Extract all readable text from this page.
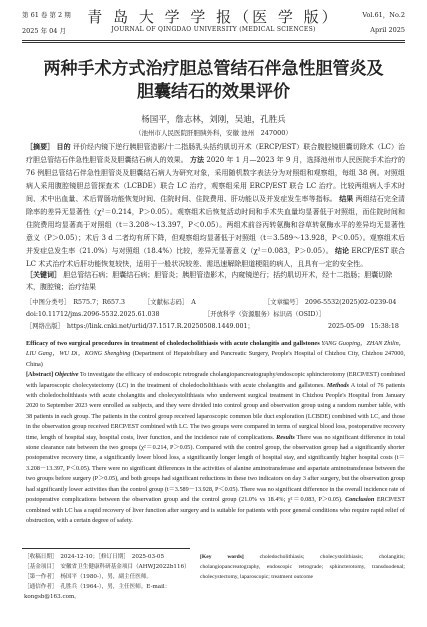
第 61 卷 第 2 期
2025 年 04 月
青 岛 大 学 学 报（医 学 版）
JOURNAL OF QINGDAO UNIVERSITY (MEDICAL SCIENCES)
Vol.61，No.2
April 2025
两种手术方式治疗胆总管结石伴急性胆管炎及
胆囊结石的效果评价
杨国平，詹志林，刘刚，吴迪，孔胜兵
（池州市人民医院肝胆胰外科，安徽 池州　247000）
［摘要］ 目的 评价经内镜下逆行胰胆管造影/十二指肠乳头括约肌切开术（ERCP/EST）联合腹腔镜胆囊切除术（LC）治疗胆总管结石伴急性胆管炎及胆囊结石病人的效果。 方法 2020 年 1 月—2023 年 9 月，选择池州市人民医院手术治疗的 76 例胆总管结石伴急性胆管炎及胆囊结石病人为研究对象，采用随机数字表法分为对照组和观察组，每组 38 例。对照组病人采用腹腔镜胆总管探查术（LCBDE）联合 LC 治疗，观察组采用 ERCP/EST 联合 LC 治疗。比较两组病人手术时间、术中出血量、术后胃肠功能恢复时间、住院时间、住院费用、肝功能以及并发症发生率等指标。 结果 两组结石完全清除率的差异无显著性（χ²＝0.214，P＞0.05）。观察组术后恢复活动时间和手术失血量均显著低于对照组，而住院时间和住院费用均显著高于对照组（t＝3.208～13.397，P＜0.05）。两组术前谷丙转氨酶和谷草转氨酶水平的差异均无显著性意义（P＞0.05）；术后 3 d 二者均有所下降，但观察组均显著低于对照组（t＝3.589～13.928，P＜0.05）。观察组术后并发症总发生率（21.0%）与对照组（18.4%）比较，差异无显著意义（χ²＝0.083，P＞0.05）。 结论 ERCP/EST 联合 LC 术式治疗术后肝功能恢复较快，适用于一般状况较差、需迅速解除胆道梗阻的病人，且具有一定的安全性。
［关键词］ 胆总管结石病；胆囊结石病；胆管炎；胰胆管造影术，内窥镜逆行；括约肌切开术，经十二指肠；胆囊切除术，腹腔镜；治疗结果
［中图分类号］　R575.7；R657.3	［文献标志码］　A	［文章编号］　2096-5532(2025)02-0239-04
doi:10.11712/jms.2096-5532.2025.61.038	［开放科学（资源服务）标识码（OSID）］
［网络出版］　https://link.cnki.net/urlid/37.1517.R.20250508.1449.001；	2025-05-09　15:38:18
Efficacy of two surgical procedures in treatment of choledocholithiasis with acute cholangitis and gallstones YANG Guoping，ZHAN Zhilin，LIU Gang，WU Di，KONG Shengbing (Department of Hepatobiliary and Pancreatic Surgery, People's Hospital of Chizhou City, Chizhou 247000, China)
[Abstract] Objective To investigate the efficacy of endoscopic retrograde cholangiopancreatography/endoscopic sphincterotomy (ERCP/EST) combined with laparoscopic cholecystectomy (LC) in the treatment of choledocholithiasis with acute cholangitis and gallstones. Methods A total of 76 patients with choledocholithiasis with acute cholangitis and cholecystolithiasis who underwent surgical treatment in Chizhou People's Hospital from January 2020 to September 2023 were enrolled as subjects, and they were divided into control group and observation group using a random number table, with 38 patients in each group. The patients in the control group received laparoscopic common bile duct exploration (LCBDE) combined with LC, and those in the observation group received ERCP/EST combined with LC. The two groups were compared in terms of surgical blood loss, postoperative recovery time, length of hospital stay, hospital costs, liver function, and the incidence rate of complications. Results There was no significant difference in total stone clearance rate between the two groups (χ²＝0.214, P＞0.05). Compared with the control group, the observation group had a significantly shorter postoperative recovery time, a significantly lower blood loss, a significantly longer length of hospital stay, and significantly higher hospital costs (t＝3.208－13.397, P＜0.05). There were no significant differences in the activities of alanine aminotransferase and aspartate aminotransferase between the two groups before surgery (P＞0.05), and both groups had significant reductions in these two indicators on day 3 after surgery, but the observation group had significantly lower activities than the control group (t＝3.589－13.928, P＜0.05). There was no significant difference in the overall incidence rate of postoperative complications between the observation group and the control group (21.0% vs 18.4%; χ²＝0.083, P＞0.05). Conclusion ERCP/EST combined with LC has a rapid recovery of liver function after surgery and is suitable for patients with poor general conditions who require rapid relief of obstruction, with a certain degree of safety.
［收稿日期］　2024-12-10；［修订日期］　2025-03-05
［基金项目］　安徽省卫生健康科研基金项目（AHWJ2022b116）
［第一作者］　杨国平（1980-），男，副主任医师。
［通信作者］　孔胜兵（1964-），男，主任医师。E-mail：kongsb@163.com。
[Key words]	choledocholithiasis; cholecystolithiasis; cholangitis; cholangiopancreatography, endoscopic retrograde; sphincterotomy, transduodenal; cholecystectomy, laparoscopic; treatment outcome
